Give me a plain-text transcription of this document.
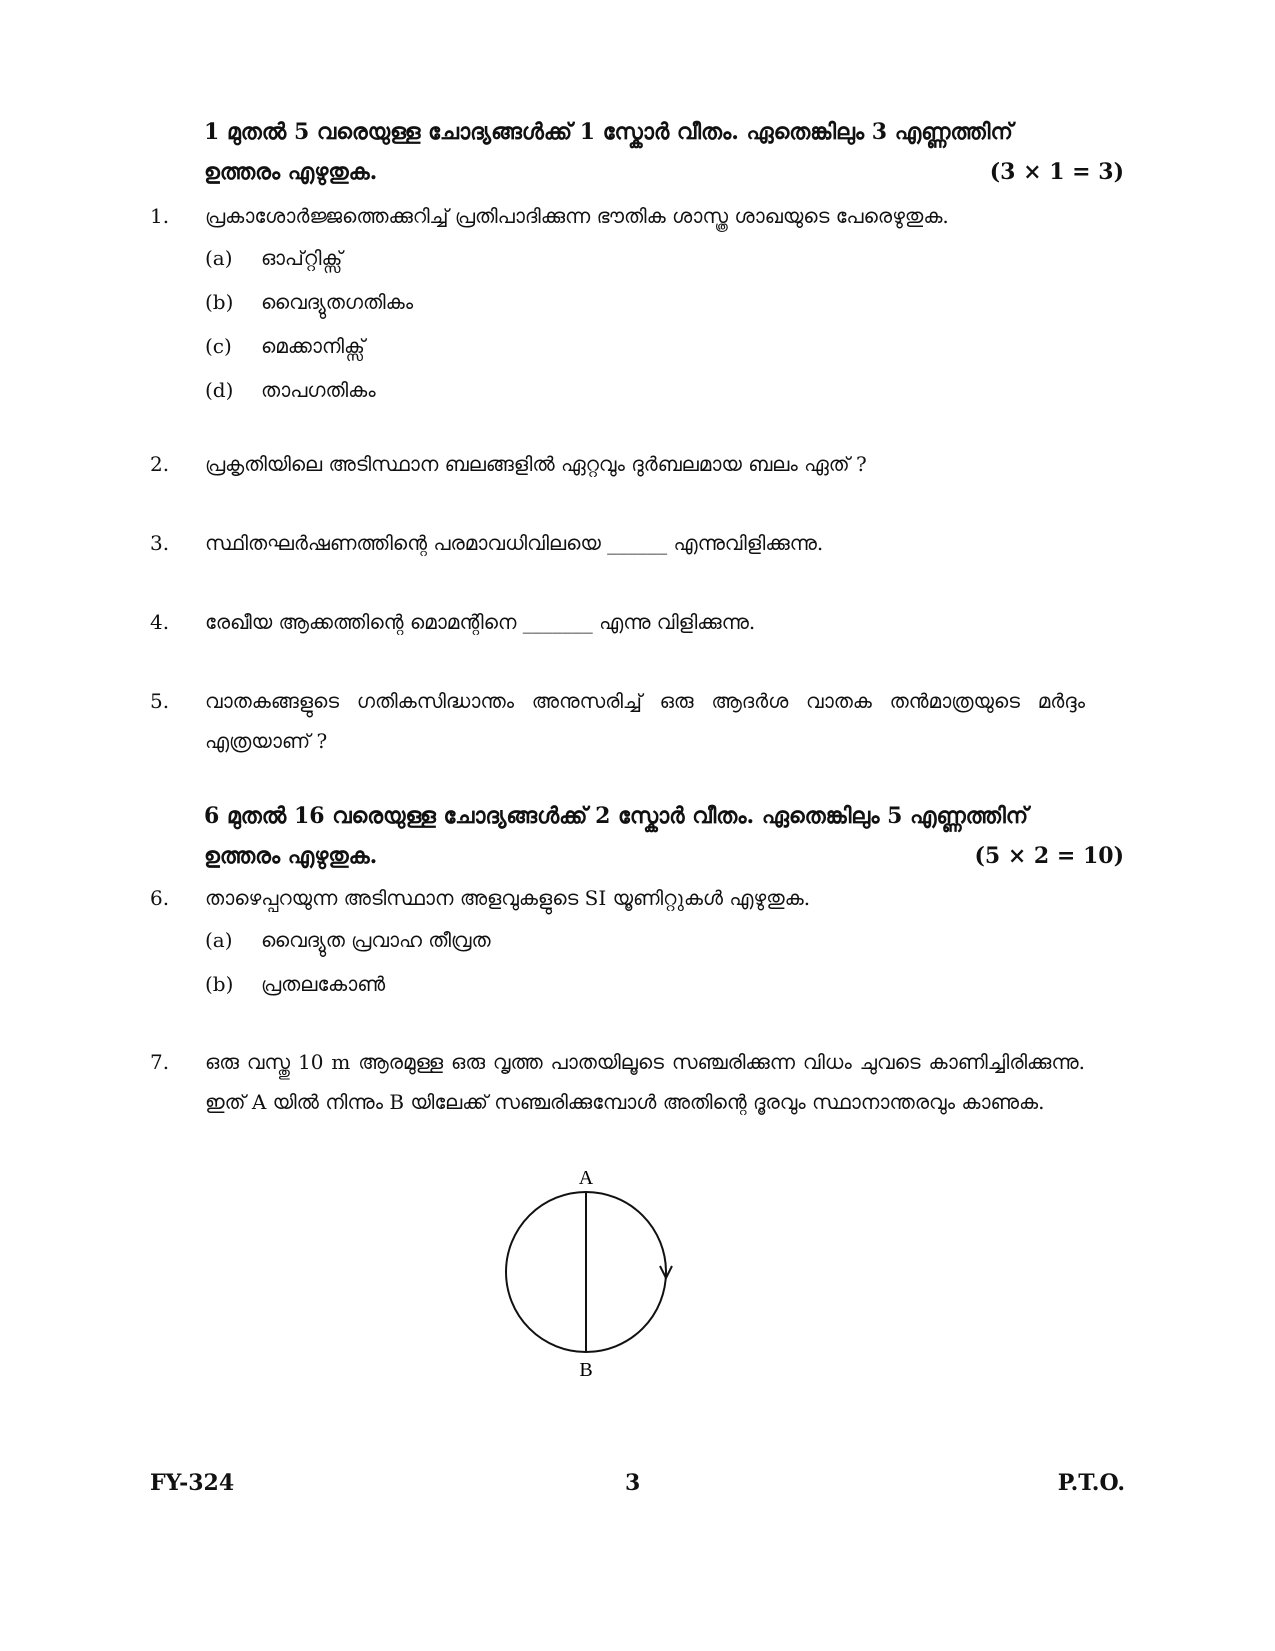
1 മുതൽ 5 വരെയുള്ള ചോദ്യങ്ങൾക്ക് 1 സ്കോർ വീതം. ഏതെങ്കിലും 3 എണ്ണത്തിന്
ഉത്തരം എഴുതുക.	(3 × 1 = 3)
1.	പ്രകാശോർജ്ജത്തെക്കുറിച്ച് പ്രതിപാദിക്കുന്ന ഭൗതിക ശാസ്ത്ര ശാഖയുടെ പേരെഴുതുക.
(a) ഓപ്റ്റിക്സ്
(b) വൈദ്യുതഗതികം
(c) മെക്കാനിക്സ്
(d) താപഗതികം
2.	പ്രകൃതിയിലെ അടിസ്ഥാന ബലങ്ങളിൽ ഏറ്റവും ദുർബലമായ ബലം ഏത് ?
3.	സ്ഥിതഘർഷണത്തിന്റെ പരമാവധിവിലയെ ______ എന്നുവിളിക്കുന്നു.
4.	രേഖീയ ആക്കത്തിന്റെ മൊമന്റിനെ _______ എന്നു വിളിക്കുന്നു.
5.	വാതകങ്ങളുടെ ഗതികസിദ്ധാന്തം അനുസരിച്ച് ഒരു ആദർശ വാതക തൻമാത്രയുടെ മർദ്ദം എത്രയാണ് ?
6 മുതൽ 16 വരെയുള്ള ചോദ്യങ്ങൾക്ക് 2 സ്കോർ വീതം. ഏതെങ്കിലും 5 എണ്ണത്തിന്
ഉത്തരം എഴുതുക.	(5 × 2 = 10)
6.	താഴെപ്പറയുന്ന അടിസ്ഥാന അളവുകളുടെ SI യൂണിറ്റുകൾ എഴുതുക.
(a) വൈദ്യുത പ്രവാഹ തീവ്രത
(b) പ്രതലകോൺ
7.	ഒരു വസ്തു 10 m ആരമുള്ള ഒരു വൃത്ത പാതയിലൂടെ സഞ്ചരിക്കുന്ന വിധം ചുവടെ കാണിച്ചിരിക്കുന്നു. ഇത് A യിൽ നിന്നും B യിലേക്ക് സഞ്ചരിക്കുമ്പോൾ അതിന്റെ ദൂരവും സ്ഥാനാന്തരവും കാണുക.
A
B
FY-324	3	P.T.O.
